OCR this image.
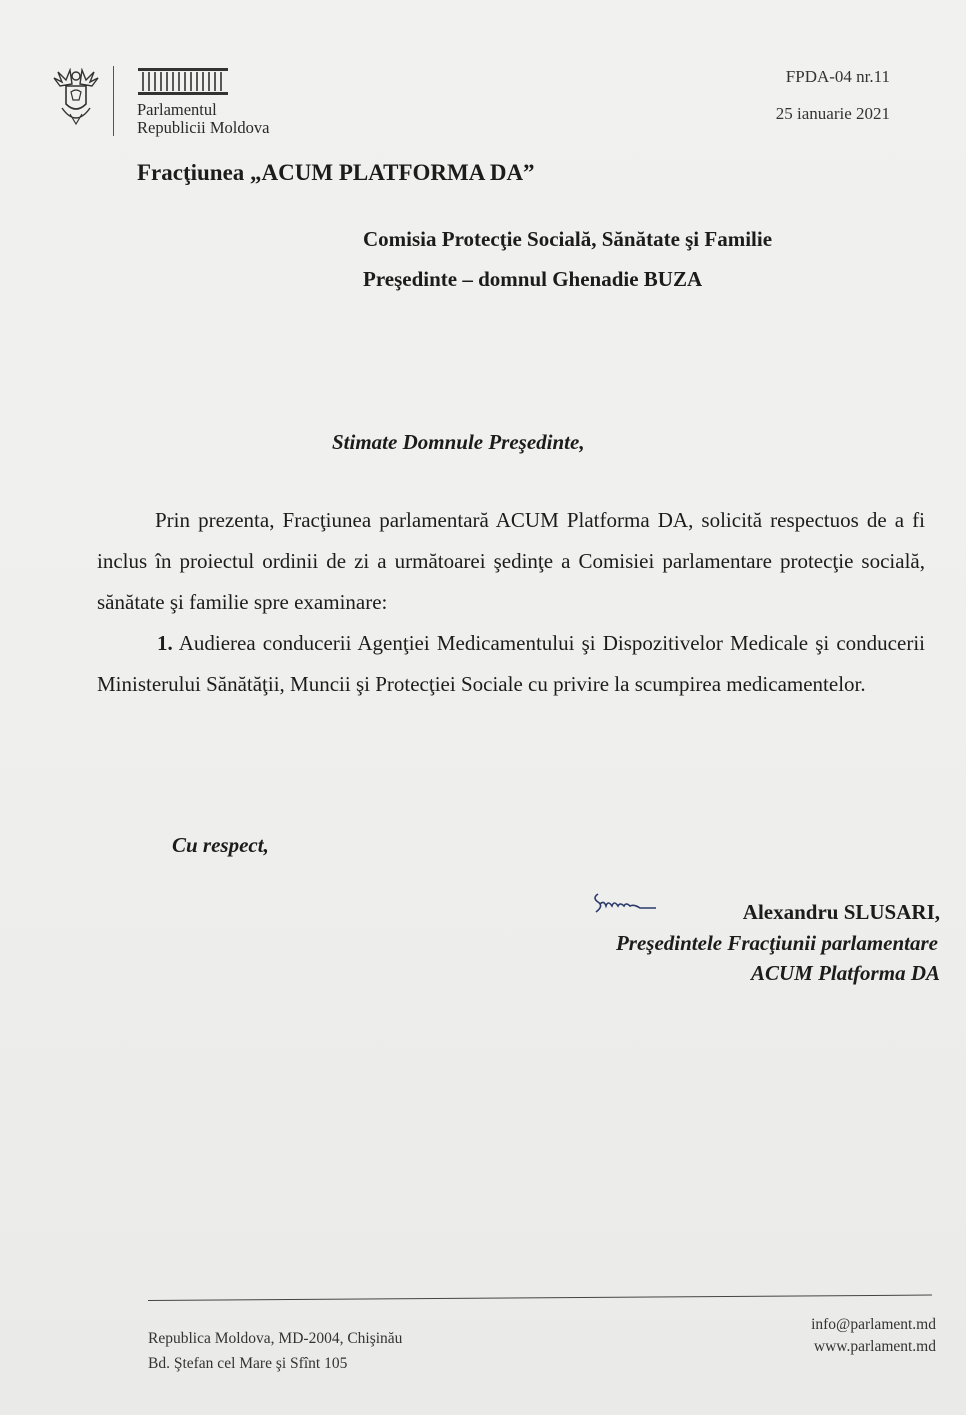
Parlamentul
Republicii Moldova
FPDA-04 nr.11
25 ianuarie 2021
Fracţiunea „ACUM PLATFORMA DA”
Comisia Protecţie Socială, Sănătate şi Familie
Preşedinte – domnul Ghenadie BUZA
Stimate Domnule Preşedinte,

Prin prezenta, Fracţiunea parlamentară ACUM Platforma DA, solicită respectuos de a fi inclus în proiectul ordinii de zi a următoarei şedinţe a Comisiei parlamentare protecţie socială, sănătate şi familie spre examinare:

1. Audierea conducerii Agenţiei Medicamentului şi Dispozitivelor Medicale şi conducerii Ministerului Sănătăţii, Muncii şi Protecţiei Sociale cu privire la scumpirea medicamentelor.

Cu respect,
Alexandru SLUSARI,
Preşedintele Fracţiunii parlamentare
ACUM Platforma DA
Republica Moldova, MD-2004, Chişinău
Bd. Ştefan cel Mare şi Sfînt 105
info@parlament.md
www.parlament.md
